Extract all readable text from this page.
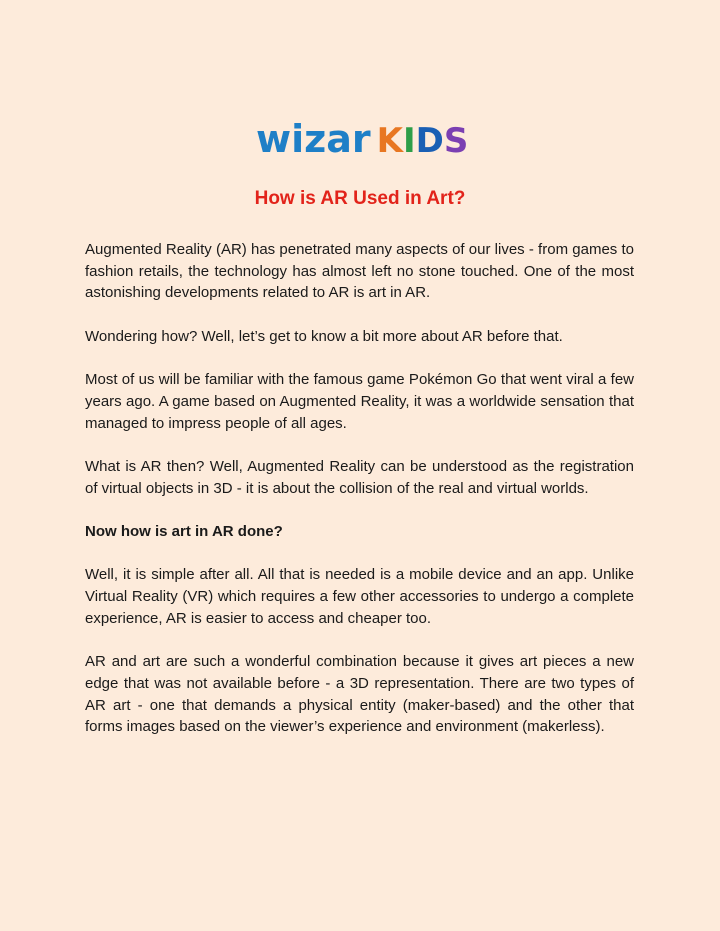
wizar K I D S
How is AR Used in Art?

Augmented Reality (AR) has penetrated many aspects of our lives - from games to fashion retails, the technology has almost left no stone touched. One of the most astonishing developments related to AR is art in AR.

Wondering how? Well, let’s get to know a bit more about AR before that.

Most of us will be familiar with the famous game Pokémon Go that went viral a few years ago. A game based on Augmented Reality, it was a worldwide sensation that managed to impress people of all ages.

What is AR then? Well, Augmented Reality can be understood as the registration of virtual objects in 3D - it is about the collision of the real and virtual worlds.

Now how is art in AR done?

Well, it is simple after all. All that is needed is a mobile device and an app. Unlike Virtual Reality (VR) which requires a few other accessories to undergo a complete experience, AR is easier to access and cheaper too.

AR and art are such a wonderful combination because it gives art pieces a new edge that was not available before - a 3D representation. There are two types of AR art - one that demands a physical entity (maker-based) and the other that forms images based on the viewer’s experience and environment (makerless).
